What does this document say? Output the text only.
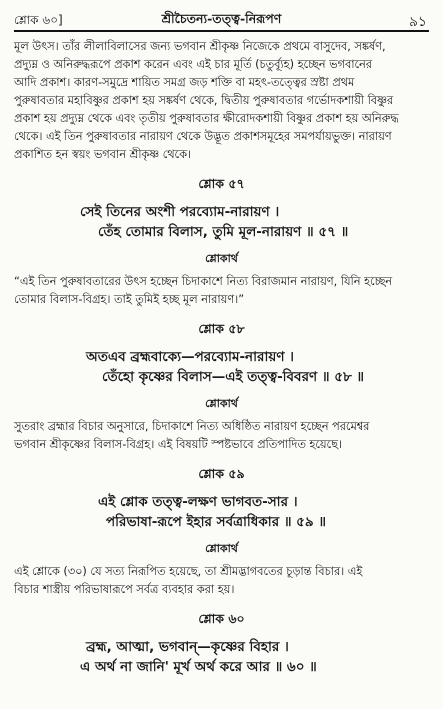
শ্লোক ৬০]	শ্রীচৈতন্য-তত্ত্ব-নিরূপণ	৯১

মূল উৎস। তাঁর লীলাবিলাসের জন্য ভগবান শ্রীকৃষ্ণ নিজেকে প্রথমে বাসুদেব, সঙ্কর্ষণ,

প্রদ্যুম্ন ও অনিরুদ্ধরূপে প্রকাশ করেন এবং এই চার মূর্তি (চতুর্ব্যূহ) হচ্ছেন ভগবানের

আদি প্রকাশ। কারণ-সমুদ্রে শায়িত সমগ্র জড় শক্তি বা মহৎ-তত্ত্বের স্রষ্টা প্রথম

পুরুষাবতার মহাবিষ্ণুর প্রকাশ হয় সঙ্কর্ষণ থেকে, দ্বিতীয় পুরুষাবতার গর্ভোদকশায়ী বিষ্ণুর

প্রকাশ হয় প্রদ্যুম্ন থেকে এবং তৃতীয় পুরুষাবতার ক্ষীরোদকশায়ী বিষ্ণুর প্রকাশ হয় অনিরুদ্ধ

থেকে। এই তিন পুরুষাবতার নারায়ণ থেকে উদ্ভূত প্রকাশসমূহের সমপর্যায়ভুক্ত। নারায়ণ

প্রকাশিত হন স্বয়ং ভগবান শ্রীকৃষ্ণ থেকে।

শ্লোক ৫৭

সেই তিনের অংশী পরব্যোম-নারায়ণ ।

তেঁহ তোমার বিলাস, তুমি মূল-নারায়ণ ॥ ৫৭ ॥

শ্লোকার্থ

“এই তিন পুরুষাবতারের উৎস হচ্ছেন চিদাকাশে নিত্য বিরাজমান নারায়ণ, যিনি হচ্ছেন

তোমার বিলাস-বিগ্রহ। তাই তুমিই হচ্ছ মূল নারায়ণ।”

শ্লোক ৫৮

অতএব ব্রহ্মবাক্যে—পরব্যোম-নারায়ণ ।

তেঁহো কৃষ্ণের বিলাস—এই তত্ত্ব-বিবরণ ॥ ৫৮ ॥

শ্লোকার্থ

সুতরাং ব্রহ্মার বিচার অনুসারে, চিদাকাশে নিত্য অধিষ্ঠিত নারায়ণ হচ্ছেন পরমেশ্বর

ভগবান শ্রীকৃষ্ণের বিলাস-বিগ্রহ। এই বিষয়টি স্পষ্টভাবে প্রতিপাদিত হয়েছে।

শ্লোক ৫৯

এই শ্লোক তত্ত্ব-লক্ষণ ভাগবত-সার ।

পরিভাষা-রূপে ইহার সর্বত্রাধিকার ॥ ৫৯ ॥

শ্লোকার্থ

এই শ্লোকে (৩০) যে সত্য নিরূপিত হয়েছে, তা শ্রীমদ্ভাগবতের চূড়ান্ত বিচার। এই

বিচার শাস্ত্রীয় পরিভাষারূপে সর্বত্র ব্যবহার করা হয়।

শ্লোক ৬০

ব্রহ্ম, আত্মা, ভগবান্—কৃষ্ণের বিহার ।

এ অর্থ না জানি' মূর্খ অর্থ করে আর ॥ ৬০ ॥
